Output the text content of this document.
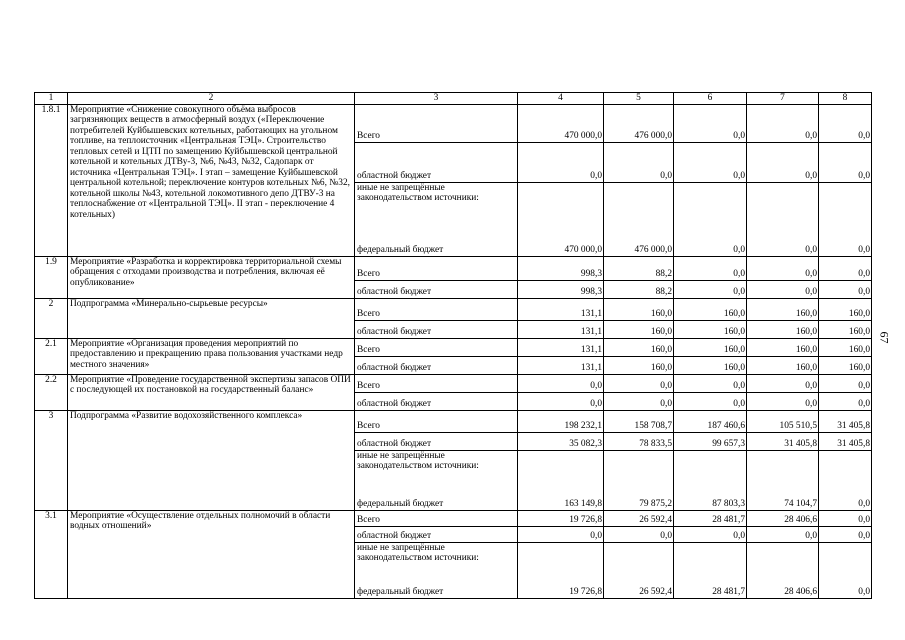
1	2	3	4	5	6	7	8
1.8.1	Мероприятие «Снижение совокупного объёма выбросов загрязняющих веществ в атмосферный воздух («Переключение потребителей Куйбышевских котельных, работающих на угольном топливе, на теплоисточник «Центральная ТЭЦ». Строительство тепловых сетей и ЦТП по замещению Куйбышевской центральной котельной и котельных ДТВу-3, №6, №43, №32, Садопарк от источника «Центральная ТЭЦ». I этап – замещение Куйбышевской центральной котельной; переключение контуров котельных №6, №32, котельной школы №43, котельной локомотивного депо ДТВУ-3 на теплоснабжение от «Центральной ТЭЦ». II этап - переключение 4 котельных)	Всего	470 000,0	476 000,0	0,0	0,0	0,0
		областной бюджет	0,0	0,0	0,0	0,0	0,0
		иные не запрещённые законодательством источники:					
		федеральный бюджет	470 000,0	476 000,0	0,0	0,0	0,0
1.9	Мероприятие «Разработка и корректировка территориальной схемы обращения с отходами производства и потребления, включая её опубликование»	Всего	998,3	88,2	0,0	0,0	0,0
		областной бюджет	998,3	88,2	0,0	0,0	0,0
2	Подпрограмма «Минерально-сырьевые ресурсы»	Всего	131,1	160,0	160,0	160,0	160,0
		областной бюджет	131,1	160,0	160,0	160,0	160,0
2.1	Мероприятие «Организация проведения мероприятий по предоставлению и прекращению права пользования участками недр местного значения»	Всего	131,1	160,0	160,0	160,0	160,0
		областной бюджет	131,1	160,0	160,0	160,0	160,0
2.2	Мероприятие «Проведение государственной экспертизы запасов ОПИ с последующей их постановкой на государственный баланс»	Всего	0,0	0,0	0,0	0,0	0,0
		областной бюджет	0,0	0,0	0,0	0,0	0,0
3	Подпрограмма «Развитие водохозяйственного комплекса»	Всего	198 232,1	158 708,7	187 460,6	105 510,5	31 405,8
		областной бюджет	35 082,3	78 833,5	99 657,3	31 405,8	31 405,8
		иные не запрещённые законодательством источники:					
		федеральный бюджет	163 149,8	79 875,2	87 803,3	74 104,7	0,0
3.1	Мероприятие «Осуществление отдельных полномочий в области водных отношений»	Всего	19 726,8	26 592,4	28 481,7	28 406,6	0,0
		областной бюджет	0,0	0,0	0,0	0,0	0,0
		иные не запрещённые законодательством источники:					
		федеральный бюджет	19 726,8	26 592,4	28 481,7	28 406,6	0,0
67
